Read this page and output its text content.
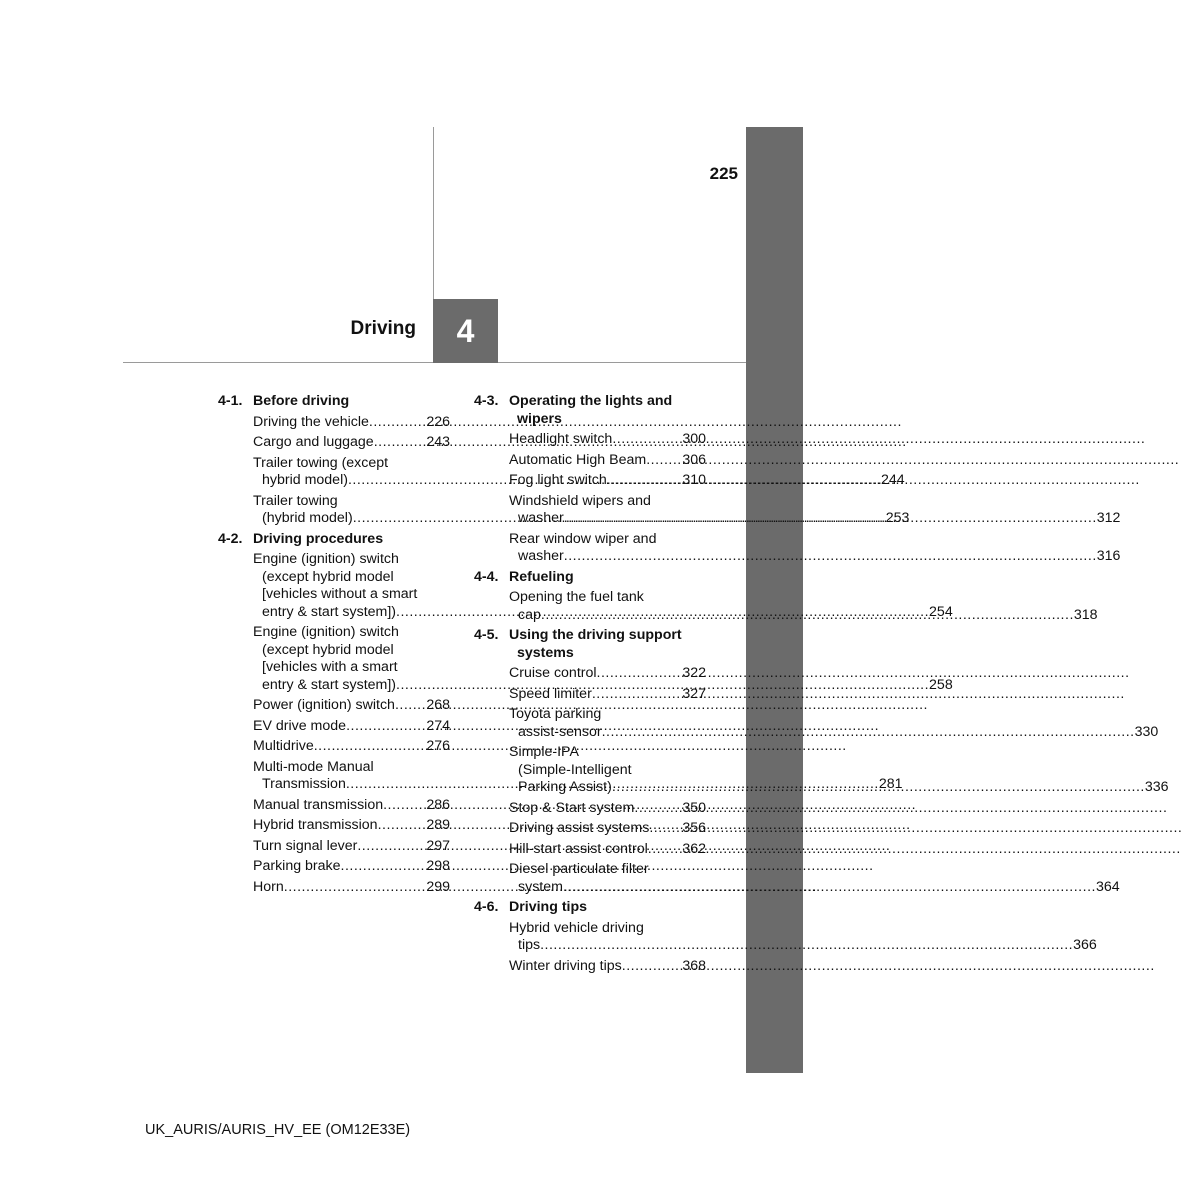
225
Driving	4
4-1. Before driving
Driving the vehicle .....	226
Cargo and luggage .....	243
Trailer towing (except
hybrid model) .....	244
Trailer towing
(hybrid model) .....	253
4-2. Driving procedures
Engine (ignition) switch
(except hybrid model
[vehicles without a smart
entry & start system]) .....	254
Engine (ignition) switch
(except hybrid model
[vehicles with a smart
entry & start system]) .....	258
Power (ignition) switch ..... 268
EV drive mode .....	274
Multidrive .....	276
Multi-mode Manual
Transmission .....	281
Manual transmission .....	286
Hybrid transmission .....	289
Turn signal lever .....	297
Parking brake .....	298
Horn .....	299
4-3. Operating the lights and
wipers
Headlight switch .....	300
Automatic High Beam .....	306
Fog light switch .....	310
Windshield wipers and
washer .....	312
Rear window wiper and
washer .....	316
4-4. Refueling
Opening the fuel tank
cap .....	318
4-5. Using the driving support
systems
Cruise control .....	322
Speed limiter .....	327
Toyota parking
assist-sensor .....	330
Simple-IPA
(Simple-Intelligent
Parking Assist) .....	336
Stop & Start system .....	350
Driving assist systems ..... 356
Hill-start assist control ..... 362
Diesel particulate filter
system .....	364
4-6. Driving tips
Hybrid vehicle driving
tips .....	366
Winter driving tips .....	368
UK_AURIS/AURIS_HV_EE (OM12E33E)
